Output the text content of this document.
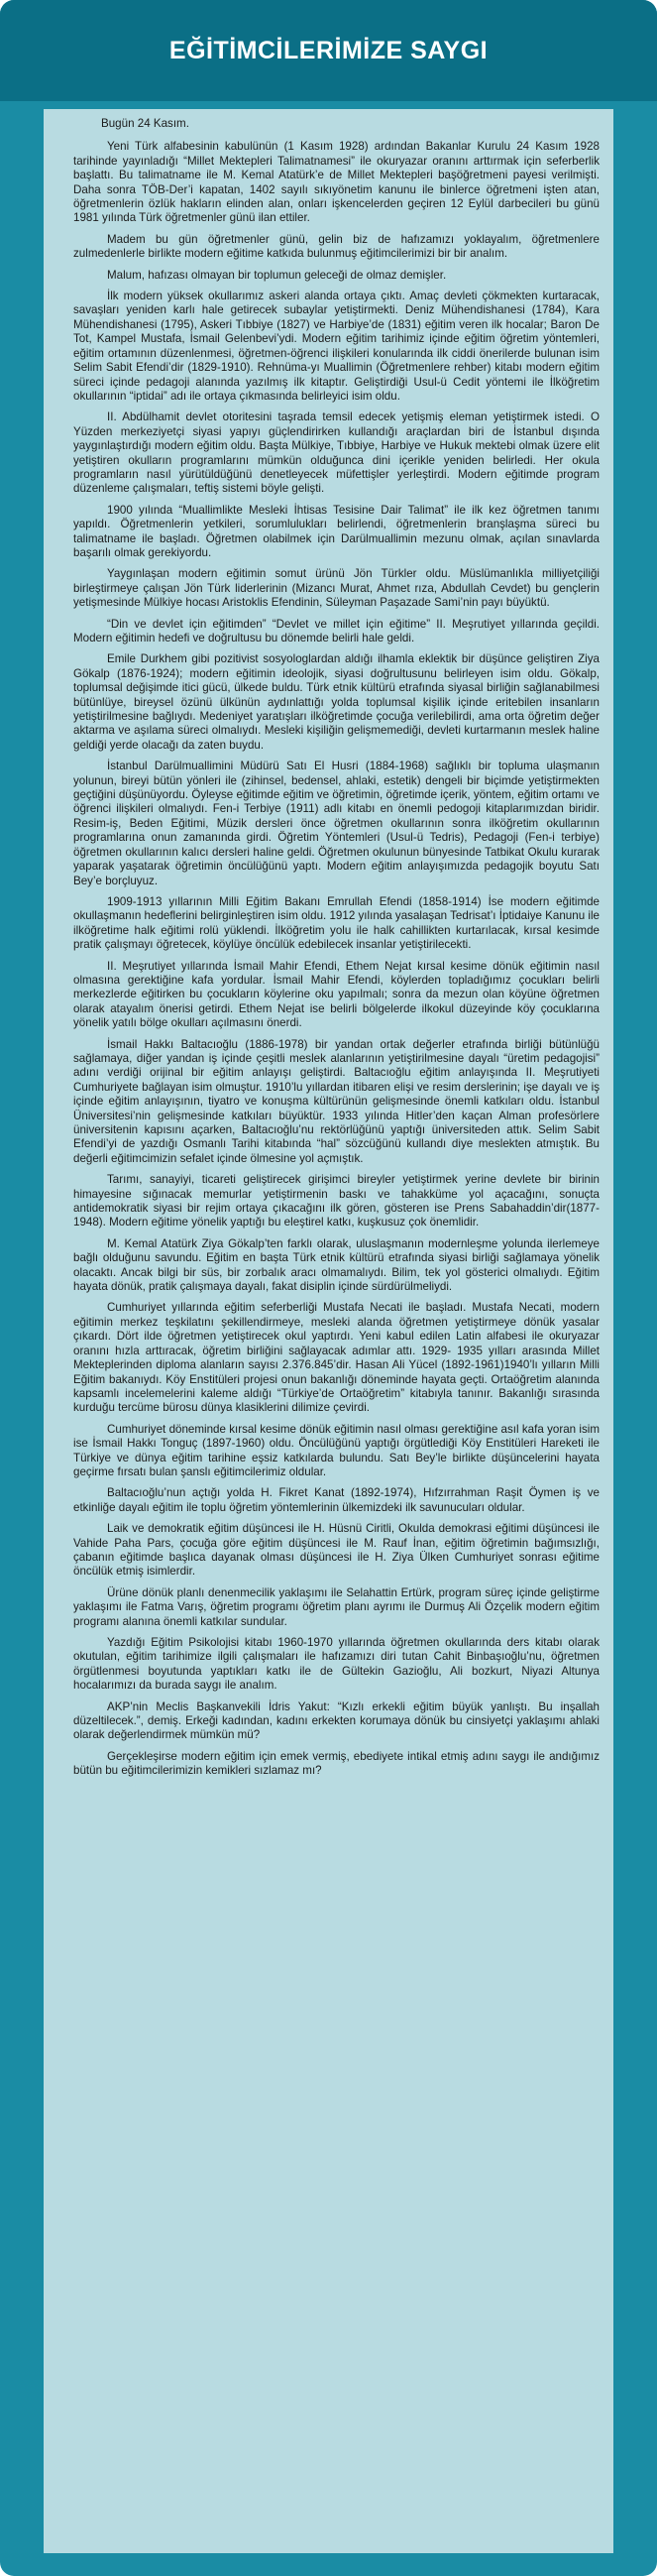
EĞİTİMCİLERİMİZE SAYGI

Bugün 24 Kasım.

Yeni Türk alfabesinin kabulünün (1 Kasım 1928) ardından Bakanlar Kurulu 24 Kasım 1928 tarihinde yayınladığı “Millet Mektepleri Talimatnamesi” ile okuryazar oranını arttırmak için seferberlik başlattı. Bu talimatname ile M. Kemal Atatürk’e de Millet Mektepleri başöğretmeni payesi verilmişti. Daha sonra TÖB-Der’i kapatan, 1402 sayılı sıkıyönetim kanunu ile binlerce öğretmeni işten atan, öğretmenlerin özlük hakların elinden alan, onları işkencelerden geçiren 12 Eylül darbecileri bu günü 1981 yılında Türk öğretmenler günü ilan ettiler.

Madem bu gün öğretmenler günü, gelin biz de hafızamızı yoklayalım, öğretmenlere zulmedenlerle birlikte modern eğitime katkıda bulunmuş eğitimcilerimizi bir bir analım.

Malum, hafızası olmayan bir toplumun geleceği de olmaz demişler.

İlk modern yüksek okullarımız askeri alanda ortaya çıktı. Amaç devleti çökmekten kurtaracak, savaşları yeniden karlı hale getirecek subaylar yetiştirmekti. Deniz Mühendishanesi (1784), Kara Mühendishanesi (1795), Askeri Tıbbiye (1827) ve Harbiye’de (1831) eğitim veren ilk hocalar; Baron De Tot, Kampel Mustafa, İsmail Gelenbevi’ydi. Modern eğitim tarihimiz içinde eğitim öğretim yöntemleri, eğitim ortamının düzenlenmesi, öğretmen-öğrenci ilişkileri konularında ilk ciddi önerilerde bulunan isim Selim Sabit Efendi’dir (1829-1910). Rehnüma-yı Muallimin (Öğretmenlere rehber) kitabı modern eğitim süreci içinde pedagoji alanında yazılmış ilk kitaptır. Geliştirdiği Usul-ü Cedit yöntemi ile İlköğretim okullarının “iptidai” adı ile ortaya çıkmasında belirleyici isim oldu.

II. Abdülhamit devlet otoritesini taşrada temsil edecek yetişmiş eleman yetiştirmek istedi. O Yüzden merkeziyetçi siyasi yapıyı güçlendirirken kullandığı araçlardan biri de İstanbul dışında yaygınlaştırdığı modern eğitim oldu. Başta Mülkiye, Tıbbiye, Harbiye ve Hukuk mektebi olmak üzere elit yetiştiren okulların programlarını mümkün olduğunca dini içerikle yeniden belirledi. Her okula programların nasıl yürütüldüğünü denetleyecek müfettişler yerleştirdi. Modern eğitimde program düzenleme çalışmaları, teftiş sistemi böyle gelişti.

1900 yılında “Muallimlikte Mesleki İhtisas Tesisine Dair Talimat” ile ilk kez öğretmen tanımı yapıldı. Öğretmenlerin yetkileri, sorumlulukları belirlendi, öğretmenlerin branşlaşma süreci bu talimatname ile başladı. Öğretmen olabilmek için Darülmuallimin mezunu olmak, açılan sınavlarda başarılı olmak gerekiyordu.

Yaygınlaşan modern eğitimin somut ürünü Jön Türkler oldu. Müslümanlıkla milliyetçiliği birleştirmeye çalışan Jön Türk liderlerinin (Mizancı Murat, Ahmet rıza, Abdullah Cevdet) bu gençlerin yetişmesinde Mülkiye hocası Aristoklis Efendinin, Süleyman Paşazade Sami’nin payı büyüktü.

“Din ve devlet için eğitimden” “Devlet ve millet için eğitime” II. Meşrutiyet yıllarında geçildi. Modern eğitimin hedefi ve doğrultusu bu dönemde belirli hale geldi.

Emile Durkhem gibi pozitivist sosyologlardan aldığı ilhamla eklektik bir düşünce geliştiren Ziya Gökalp (1876-1924); modern eğitimin ideolojik, siyasi doğrultusunu belirleyen isim oldu. Gökalp, toplumsal değişimde itici gücü, ülkede buldu. Türk etnik kültürü etrafında siyasal birliğin sağlanabilmesi bütünlüye, bireysel özünü ülkünün aydınlattığı yolda toplumsal kişilik içinde eritebilen insanların yetiştirilmesine bağlıydı. Medeniyet yaratışları ilköğretimde çocuğa verilebilirdi, ama orta öğretim değer aktarma ve aşılama süreci olmalıydı. Mesleki kişiliğin gelişmemediği, devleti kurtarmanın meslek haline geldiği yerde olacağı da zaten buydu.

İstanbul Darülmuallimini Müdürü Satı El Husri (1884-1968) sağlıklı bir topluma ulaşmanın yolunun, bireyi bütün yönleri ile (zihinsel, bedensel, ahlaki, estetik) dengeli bir biçimde yetiştirmekten geçtiğini düşünüyordu. Öyleyse eğitimde eğitim ve öğretimin, öğretimde içerik, yöntem, eğitim ortamı ve öğrenci ilişkileri olmalıydı. Fen-i Terbiye (1911) adlı kitabı en önemli pedogoji kitaplarımızdan biridir. Resim-iş, Beden Eğitimi, Müzik dersleri önce öğretmen okullarının sonra ilköğretim okullarının programlarına onun zamanında girdi. Öğretim Yöntemleri (Usul-ü Tedris), Pedagoji (Fen-i terbiye) öğretmen okullarının kalıcı dersleri haline geldi. Öğretmen okulunun bünyesinde Tatbikat Okulu kurarak yaparak yaşatarak öğretimin öncülüğünü yaptı. Modern eğitim anlayışımızda pedagojik boyutu Satı Bey’e borçluyuz.

1909-1913 yıllarının Milli Eğitim Bakanı Emrullah Efendi (1858-1914) İse modern eğitimde okullaşmanın hedeflerini belirginleştiren isim oldu. 1912 yılında yasalaşan Tedrisat’ı İptidaiye Kanunu ile ilköğretime halk eğitimi rolü yüklendi. İlköğretim yolu ile halk cahillikten kurtarılacak, kırsal kesimde pratik çalışmayı öğretecek, köylüye öncülük edebilecek insanlar yetiştirilecekti.

II. Meşrutiyet yıllarında İsmail Mahir Efendi, Ethem Nejat kırsal kesime dönük eğitimin nasıl olmasına gerektiğine kafa yordular. İsmail Mahir Efendi, köylerden topladığımız çocukları belirli merkezlerde eğitirken bu çocukların köylerine oku yapılmalı; sonra da mezun olan köyüne öğretmen olarak atayalım önerisi getirdi. Ethem Nejat ise belirli bölgelerde ilkokul düzeyinde köy çocuklarına yönelik yatılı bölge okulları açılmasını önerdi.

İsmail Hakkı Baltacıoğlu (1886-1978) bir yandan ortak değerler etrafında birliği bütünlüğü sağlamaya, diğer yandan iş içinde çeşitli meslek alanlarının yetiştirilmesine dayalı “üretim pedagojisi” adını verdiği orijinal bir eğitim anlayışı geliştirdi. Baltacıoğlu eğitim anlayışında II. Meşrutiyeti Cumhuriyete bağlayan isim olmuştur. 1910’lu yıllardan itibaren elişi ve resim derslerinin; işe dayalı ve iş içinde eğitim anlayışının, tiyatro ve konuşma kültürünün gelişmesinde önemli katkıları oldu. İstanbul Üniversitesi’nin gelişmesinde katkıları büyüktür. 1933 yılında Hitler’den kaçan Alman profesörlere üniversitenin kapısını açarken, Baltacıoğlu’nu rektörlüğünü yaptığı üniversiteden attık. Selim Sabit Efendi’yi de yazdığı Osmanlı Tarihi kitabında “hal” sözcüğünü kullandı diye meslekten atmıştık. Bu değerli eğitimcimizin sefalet içinde ölmesine yol açmıştık.

Tarımı, sanayiyi, ticareti geliştirecek girişimci bireyler yetiştirmek yerine devlete bir birinin himayesine sığınacak memurlar yetiştirmenin baskı ve tahakküme yol açacağını, sonuçta antidemokratik siyasi bir rejim ortaya çıkacağını ilk gören, gösteren ise Prens Sabahaddin’dir(1877-1948). Modern eğitime yönelik yaptığı bu eleştirel katkı, kuşkusuz çok önemlidir.

M. Kemal Atatürk Ziya Gökalp’ten farklı olarak, uluslaşmanın modernleşme yolunda ilerlemeye bağlı olduğunu savundu. Eğitim en başta Türk etnik kültürü etrafında siyasi birliği sağlamaya yönelik olacaktı. Ancak bilgi bir süs, bir zorbalık aracı olmamalıydı. Bilim, tek yol gösterici olmalıydı. Eğitim hayata dönük, pratik çalışmaya dayalı, fakat disiplin içinde sürdürülmeliydi.

Cumhuriyet yıllarında eğitim seferberliği Mustafa Necati ile başladı. Mustafa Necati, modern eğitimin merkez teşkilatını şekillendirmeye, mesleki alanda öğretmen yetiştirmeye dönük yasalar çıkardı. Dört ilde öğretmen yetiştirecek okul yaptırdı. Yeni kabul edilen Latin alfabesi ile okuryazar oranını hızla arttıracak, öğretim birliğini sağlayacak adımlar attı. 1929- 1935 yılları arasında Millet Mekteplerinden diploma alanların sayısı 2.376.845’dir. Hasan Ali Yücel (1892-1961)1940’lı yılların Milli Eğitim bakanıydı. Köy Enstitüleri projesi onun bakanlığı döneminde hayata geçti. Ortaöğretim alanında kapsamlı incelemelerini kaleme aldığı “Türkiye’de Ortaöğretim” kitabıyla tanınır. Bakanlığı sırasında kurduğu tercüme bürosu dünya klasiklerini dilimize çevirdi.

Cumhuriyet döneminde kırsal kesime dönük eğitimin nasıl olması gerektiğine asıl kafa yoran isim ise İsmail Hakkı Tonguç (1897-1960) oldu. Öncülüğünü yaptığı örgütlediği Köy Enstitüleri Hareketi ile Türkiye ve dünya eğitim tarihine eşsiz katkılarda bulundu. Satı Bey’le birlikte düşüncelerini hayata geçirme fırsatı bulan şanslı eğitimcilerimiz oldular.

Baltacıoğlu’nun açtığı yolda H. Fikret Kanat (1892-1974), Hıfzırrahman Raşit Öymen iş ve etkinliğe dayalı eğitim ile toplu öğretim yöntemlerinin ülkemizdeki ilk savunucuları oldular.

Laik ve demokratik eğitim düşüncesi ile H. Hüsnü Ciritli, Okulda demokrasi eğitimi düşüncesi ile Vahide Paha Pars, çocuğa göre eğitim düşüncesi ile M. Rauf İnan, eğitim öğretimin bağımsızlığı, çabanın eğitimde başlıca dayanak olması düşüncesi ile H. Ziya Ülken Cumhuriyet sonrası eğitime öncülük etmiş isimlerdir.

Ürüne dönük planlı denenmecilik yaklaşımı ile Selahattin Ertürk, program süreç içinde geliştirme yaklaşımı ile Fatma Varış, öğretim programı öğretim planı ayrımı ile Durmuş Ali Özçelik modern eğitim programı alanına önemli katkılar sundular.

Yazdığı Eğitim Psikolojisi kitabı 1960-1970 yıllarında öğretmen okullarında ders kitabı olarak okutulan, eğitim tarihimize ilgili çalışmaları ile hafızamızı diri tutan Cahit Binbaşıoğlu’nu, öğretmen örgütlenmesi boyutunda yaptıkları katkı ile de Gültekin Gazioğlu, Ali bozkurt, Niyazi Altunya hocalarımızı da burada saygı ile analım.

AKP’nin Meclis Başkanvekili İdris Yakut: “Kızlı erkekli eğitim büyük yanlıştı. Bu inşallah düzeltilecek.”, demiş. Erkeği kadından, kadını erkekten korumaya dönük bu cinsiyetçi yaklaşımı ahlaki olarak değerlendirmek mümkün mü?

Gerçekleşirse modern eğitim için emek vermiş, ebediyete intikal etmiş adını saygı ile andığımız bütün bu eğitimcilerimizin kemikleri sızlamaz mı?
